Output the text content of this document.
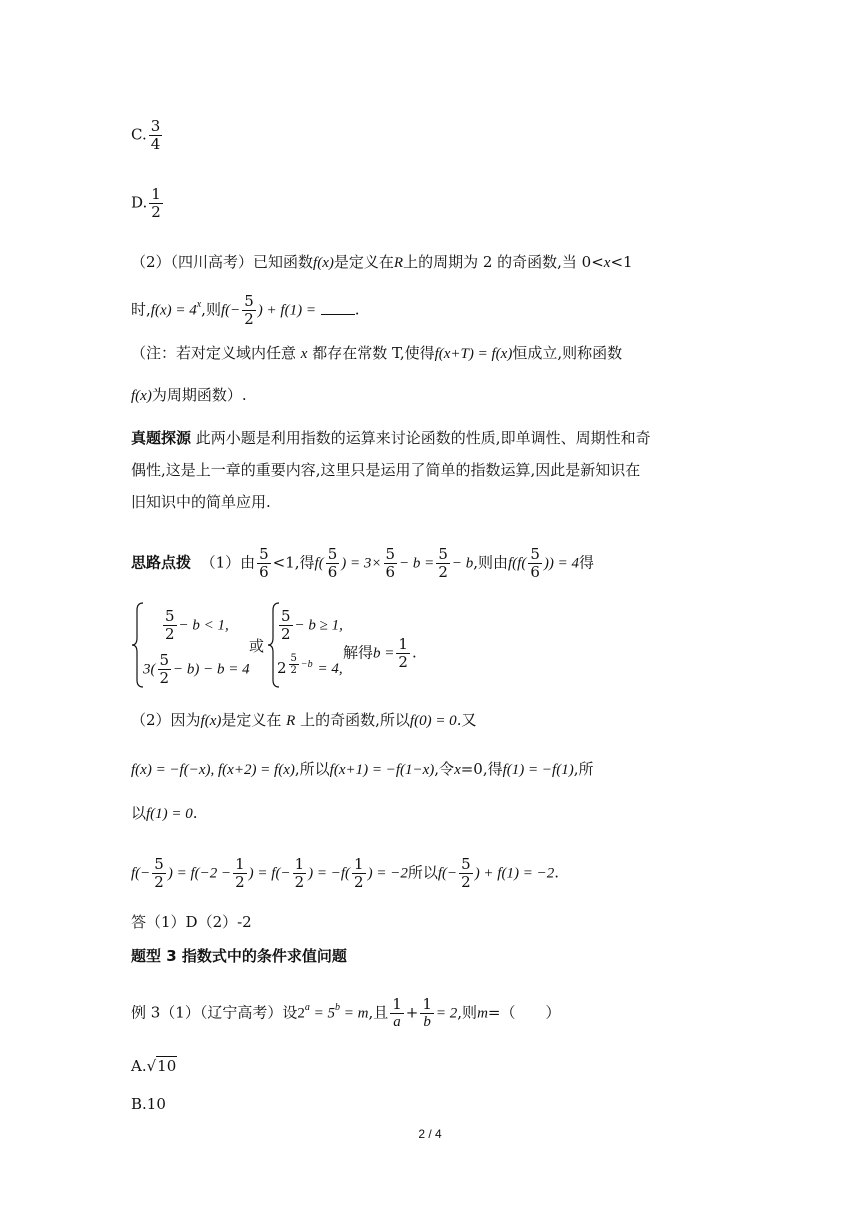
C. $\frac{3}{4}$
D. $\frac{1}{2}$
（2）（四川高考）已知函数f(x)是定义在R上的周期为 2 的奇函数,当 0<x<1
时$,f(x) = 4^x$,则$f(- \frac{5}{2}$ ) + f(1) =	.
（注：若对定义域内任意 x 都存在常数 T,使得f(x+T) = f(x)恒成立,则称函数
f(x)为周期函数）.
真题探源 此两小题是利用指数的运算来讨论函数的性质,即单调性、周期性和奇
偶性,这是上一章的重要内容,这里只是运用了简单的指数运算,因此是新知识在
旧知识中的简单应用.
思路点拨 （1）由 $\frac{5}{6} <1$,得$f( \frac{5}{6}$ ) = $3\times \frac{5}{6} - b = \frac{5}{2} - b$,则由$f(f( \frac{5}{6}$ )) = 4得
$\frac{5}{2} - b < 1$,
$3( \frac{5}{2} - b) - b = 4$
或
$\frac{5}{2} - b \ge 1$,
$2 \frac{5}{2} -b = 4$,
解得$b = \frac{1}{2}$ .
（2）因为f(x)是定义在 R 上的奇函数,所以f(0) = 0.又
f(x) = −f(−x), f(x+2) = f(x),所以f(x+1) = −f(1−x),令x=0,得f(1) = −f(1),所
以f(1) = 0.
$f(- \frac{5}{2}$ ) = $f(-2 - \frac{1}{2}$ ) = $f(- \frac{1}{2}$ ) = $-f( \frac{1}{2}$ ) = −2所以$f(- \frac{5}{2}$ ) + f(1) = −2.
答（1）D（2）-2
题型 3 指数式中的条件求值问题
例 3（1）（辽宁高考）设$2^a = 5^b = m$,且 $\frac{1}{a} + \frac{1}{b} = 2$,则m=（　　）
A.√10
B.10
2 / 4
